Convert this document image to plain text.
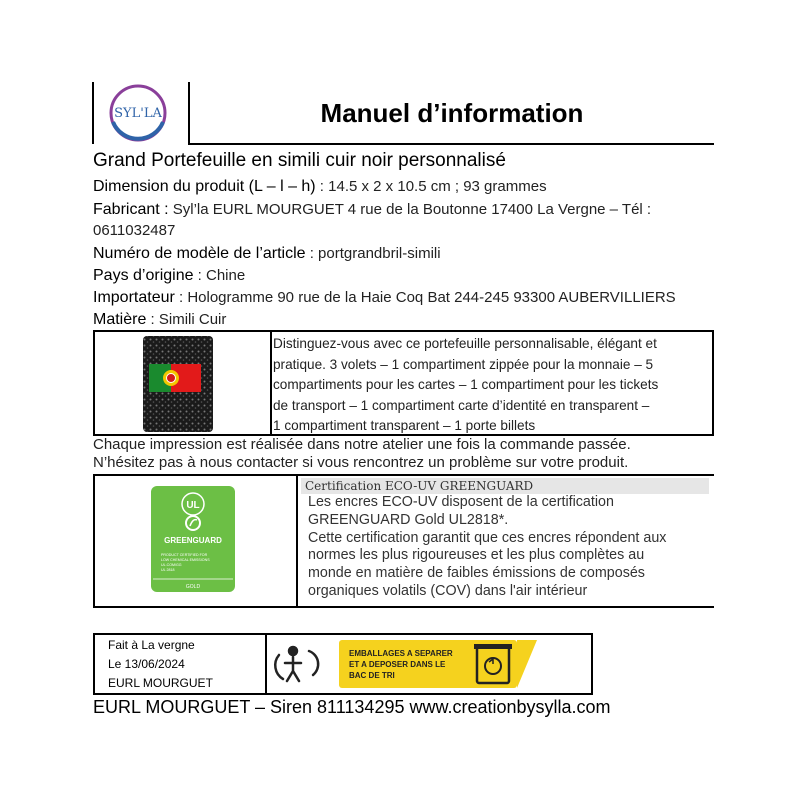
SYL'LA	Manuel d’information
Grand Portefeuille en simili cuir noir personnalisé
Dimension du produit (L – l – h) : 14.5 x 2 x 10.5 cm ; 93 grammes
Fabricant : Syl’la EURL MOURGUET 4 rue de la Boutonne 17400 La Vergne – Tél :
0611032487
Numéro de modèle de l’article : portgrandbril-simili
Pays d’origine : Chine
Importateur : Hologramme 90 rue de la Haie Coq Bat 244-245 93300 AUBERVILLIERS
Matière : Simili Cuir
Distinguez-vous avec ce portefeuille personnalisable, élégant et
pratique. 3 volets – 1 compartiment zippée pour la monnaie – 5
compartiments pour les cartes – 1 compartiment pour les tickets
de transport – 1 compartiment carte d’identité en transparent –
1 compartiment transparent – 1 porte billets
Chaque impression est réalisée dans notre atelier une fois la commande passée.
N’hésitez pas à nous contacter si vous rencontrez un problème sur votre produit.
UL
GREENGUARD
PRODUCT CERTIFIED FOR
LOW CHEMICAL EMISSIONS
UL.COM/GG
UL 2818
GOLD
Certification ECO-UV GREENGUARD
Les encres ECO-UV disposent de la certification
GREENGUARD Gold UL2818*.
Cette certification garantit que ces encres répondent aux
normes les plus rigoureuses et les plus complètes au
monde en matière de faibles émissions de composés
organiques volatils (COV) dans l'air intérieur
Fait à La vergne
Le 13/06/2024
EURL MOURGUET
EMBALLAGES A SEPARER
ET A DEPOSER DANS LE
BAC DE TRI
EURL MOURGUET – Siren 811134295 www.creationbysylla.com
